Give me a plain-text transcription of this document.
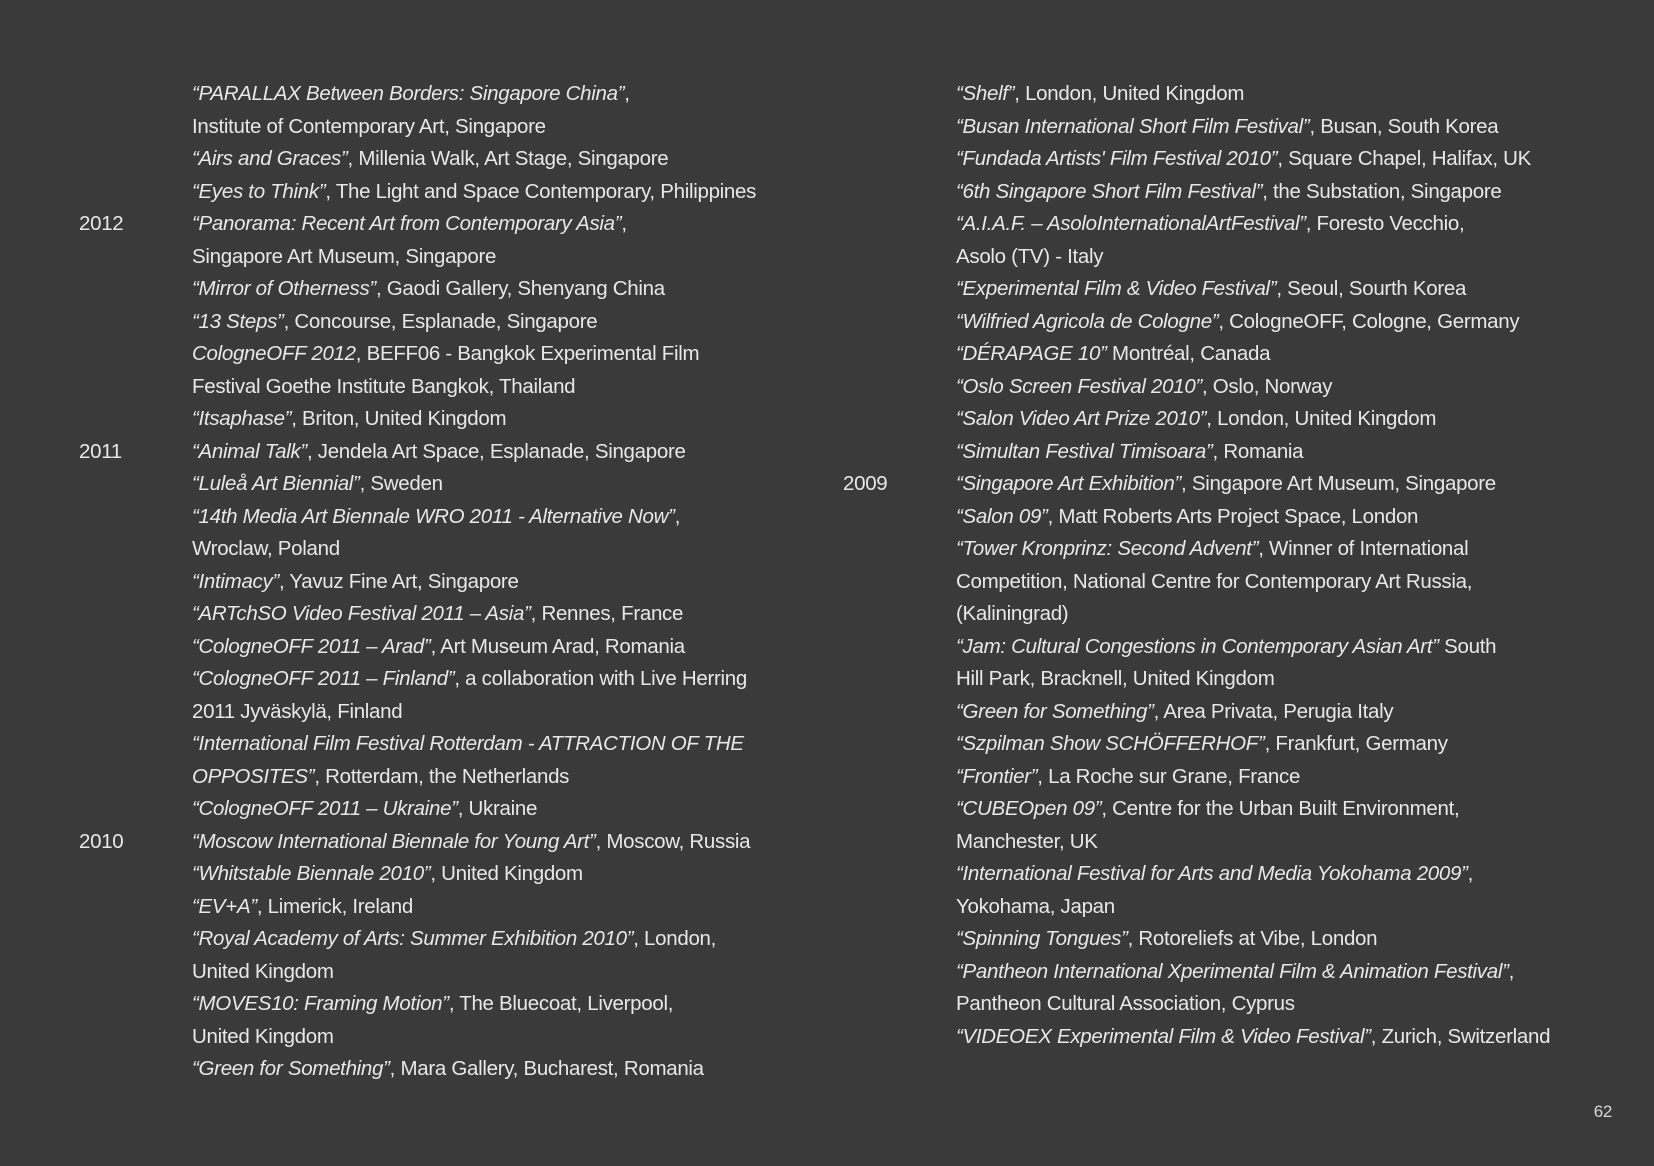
“PARALLAX Between Borders: Singapore China”,
Institute of Contemporary Art, Singapore
“Airs and Graces”, Millenia Walk, Art Stage, Singapore
“Eyes to Think”, The Light and Space Contemporary, Philippines
2012	“Panorama: Recent Art from Contemporary Asia”,
Singapore Art Museum, Singapore
“Mirror of Otherness”, Gaodi Gallery, Shenyang China
“13 Steps”, Concourse, Esplanade, Singapore
CologneOFF 2012, BEFF06 - Bangkok Experimental Film
Festival Goethe Institute Bangkok, Thailand
“Itsaphase”, Briton, United Kingdom
2011	“Animal Talk”, Jendela Art Space, Esplanade, Singapore
“Luleå Art Biennial”, Sweden
“14th Media Art Biennale WRO 2011 - Alternative Now”,
Wroclaw, Poland
“Intimacy”, Yavuz Fine Art, Singapore
“ARTchSO Video Festival 2011 – Asia”, Rennes, France
“CologneOFF 2011 – Arad”, Art Museum Arad, Romania
“CologneOFF 2011 – Finland”, a collaboration with Live Herring
2011 Jyväskylä, Finland
“International Film Festival Rotterdam - ATTRACTION OF THE
OPPOSITES”, Rotterdam, the Netherlands
“CologneOFF 2011 – Ukraine”, Ukraine
2010	“Moscow International Biennale for Young Art”, Moscow, Russia
“Whitstable Biennale 2010”, United Kingdom
“EV+A”, Limerick, Ireland
“Royal Academy of Arts: Summer Exhibition 2010”, London,
United Kingdom
“MOVES10: Framing Motion”, The Bluecoat, Liverpool,
United Kingdom
“Green for Something”, Mara Gallery, Bucharest, Romania
“Shelf”, London, United Kingdom
“Busan International Short Film Festival”, Busan, South Korea
“Fundada Artists' Film Festival 2010”, Square Chapel, Halifax, UK
“6th Singapore Short Film Festival”, the Substation, Singapore
“A.I.A.F. – AsoloInternationalArtFestival”, Foresto Vecchio,
Asolo (TV) - Italy
“Experimental Film & Video Festival”, Seoul, Sourth Korea
“Wilfried Agricola de Cologne”, CologneOFF, Cologne, Germany
“DÉRAPAGE 10” Montréal, Canada
“Oslo Screen Festival 2010”, Oslo, Norway
“Salon Video Art Prize 2010”, London, United Kingdom
“Simultan Festival Timisoara”, Romania
2009	“Singapore Art Exhibition”, Singapore Art Museum, Singapore
“Salon 09”, Matt Roberts Arts Project Space, London
“Tower Kronprinz: Second Advent”, Winner of International
Competition, National Centre for Contemporary Art Russia,
(Kaliningrad)
“Jam: Cultural Congestions in Contemporary Asian Art” South
Hill Park, Bracknell, United Kingdom
“Green for Something”, Area Privata, Perugia Italy
“Szpilman Show SCHÖFFERHOF”, Frankfurt, Germany
“Frontier”, La Roche sur Grane, France
“CUBEOpen 09”, Centre for the Urban Built Environment,
Manchester, UK
“International Festival for Arts and Media Yokohama 2009”,
Yokohama, Japan
“Spinning Tongues”, Rotoreliefs at Vibe, London
“Pantheon International Xperimental Film & Animation Festival”,
Pantheon Cultural Association, Cyprus
“VIDEOEX Experimental Film & Video Festival”, Zurich, Switzerland
62
